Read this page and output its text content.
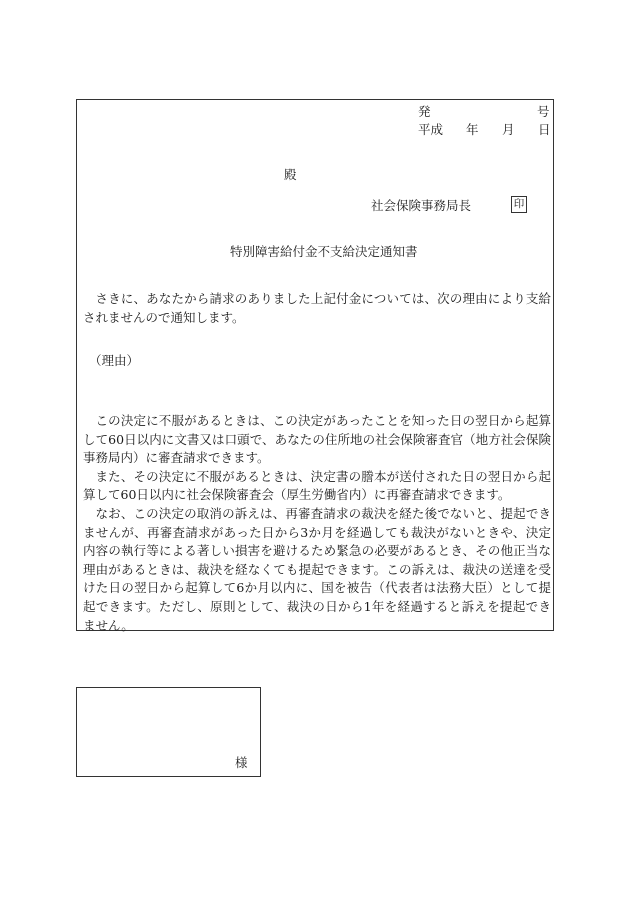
発	号
平成 年 月 日
殿
社会保険事務局長	印
特別障害給付金不支給決定通知書

さきに、あなたから請求のありました上記付金については、次の理由により支給されませんので通知します。

（理由）

この決定に不服があるときは、この決定があったことを知った日の翌日から起算して60日以内に文書又は口頭で、あなたの住所地の社会保険審査官（地方社会保険事務局内）に審査請求できます。

また、その決定に不服があるときは、決定書の謄本が送付された日の翌日から起算して60日以内に社会保険審査会（厚生労働省内）に再審査請求できます。

なお、この決定の取消の訴えは、再審査請求の裁決を経た後でないと、提起できませんが、再審査請求があった日から3か月を経過しても裁決がないときや、決定内容の執行等による著しい損害を避けるため緊急の必要があるとき、その他正当な理由があるときは、裁決を経なくても提起できます。この訴えは、裁決の送達を受けた日の翌日から起算して6か月以内に、国を被告（代表者は法務大臣）として提起できます。ただし、原則として、裁決の日から1年を経過すると訴えを提起できません。

様
